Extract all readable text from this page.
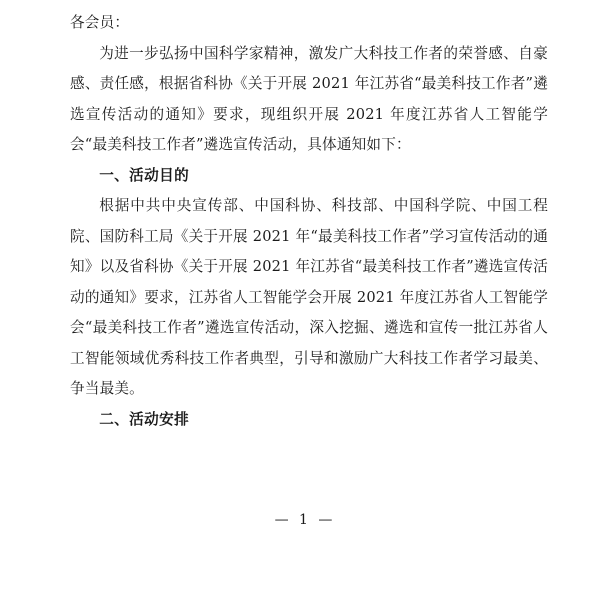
各会员：

为进一步弘扬中国科学家精神，激发广大科技工作者的荣誉感、自豪感、责任感，根据省科协《关于开展 2021 年江苏省“最美科技工作者”遴选宣传活动的通知》要求，现组织开展 2021 年度江苏省人工智能学会“最美科技工作者”遴选宣传活动，具体通知如下：

一、活动目的

根据中共中央宣传部、中国科协、科技部、中国科学院、中国工程院、国防科工局《关于开展 2021 年“最美科技工作者”学习宣传活动的通知》以及省科协《关于开展 2021 年江苏省“最美科技工作者”遴选宣传活动的通知》要求，江苏省人工智能学会开展 2021 年度江苏省人工智能学会“最美科技工作者”遴选宣传活动，深入挖掘、遴选和宣传一批江苏省人工智能领域优秀科技工作者典型，引导和激励广大科技工作者学习最美、争当最美。

二、活动安排

— 1 —
